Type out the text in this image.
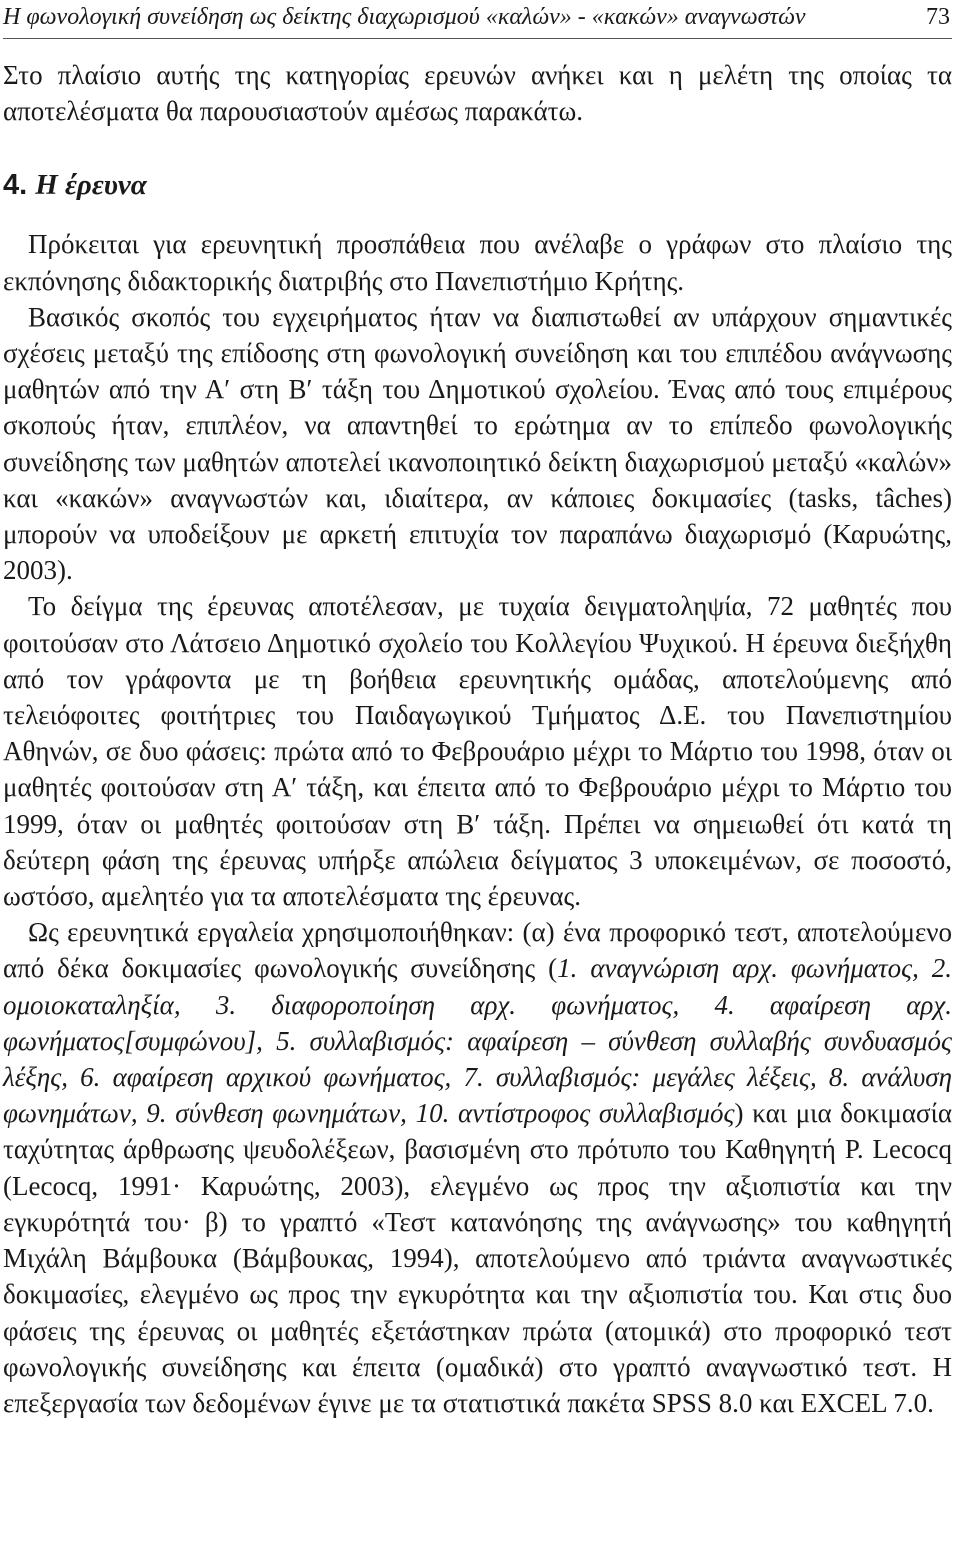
Η φωνολογική συνείδηση ως δείκτης διαχωρισμού «καλών» - «κακών» αναγνωστών	73

Στο πλαίσιο αυτής της κατηγορίας ερευνών ανήκει και η μελέτη της οποίας τα αποτελέσματα θα παρουσιαστούν αμέσως παρακάτω.

4. Η έρευνα

Πρόκειται για ερευνητική προσπάθεια που ανέλαβε ο γράφων στο πλαίσιο της εκπόνησης διδακτορικής διατριβής στο Πανεπιστήμιο Κρήτης.

Βασικός σκοπός του εγχειρήματος ήταν να διαπιστωθεί αν υπάρχουν σημαντικές σχέσεις μεταξύ της επίδοσης στη φωνολογική συνείδηση και του επιπέδου ανάγνωσης μαθητών από την Α′ στη Β′ τάξη του Δημοτικού σχολείου. Ένας από τους επιμέρους σκοπούς ήταν, επιπλέον, να απαντηθεί το ερώτημα αν το επίπεδο φωνολογικής συνείδησης των μαθητών αποτελεί ικανοποιητικό δείκτη διαχωρισμού μεταξύ «καλών» και «κακών» αναγνωστών και, ιδιαίτερα, αν κάποιες δοκιμασίες (tasks, tâches) μπορούν να υποδείξουν με αρκετή επιτυχία τον παραπάνω διαχωρισμό (Καρυώτης, 2003).

Το δείγμα της έρευνας αποτέλεσαν, με τυχαία δειγματοληψία, 72 μαθητές που φοιτούσαν στο Λάτσειο Δημοτικό σχολείο του Κολλεγίου Ψυχικού. Η έρευνα διεξήχθη από τον γράφοντα με τη βοήθεια ερευνητικής ομάδας, αποτελούμενης από τελειόφοιτες φοιτήτριες του Παιδαγωγικού Τμήματος Δ.Ε. του Πανεπιστημίου Αθηνών, σε δυο φάσεις: πρώτα από το Φεβρουάριο μέχρι το Μάρτιο του 1998, όταν οι μαθητές φοιτούσαν στη Α′ τάξη, και έπειτα από το Φεβρουάριο μέχρι το Μάρτιο του 1999, όταν οι μαθητές φοιτούσαν στη Β′ τάξη. Πρέπει να σημειωθεί ότι κατά τη δεύτερη φάση της έρευνας υπήρξε απώλεια δείγματος 3 υποκειμένων, σε ποσοστό, ωστόσο, αμελητέο για τα αποτελέσματα της έρευνας.

Ως ερευνητικά εργαλεία χρησιμοποιήθηκαν: (α) ένα προφορικό τεστ, αποτελούμενο από δέκα δοκιμασίες φωνολογικής συνείδησης (1. αναγνώριση αρχ. φωνήματος, 2. ομοιοκαταληξία, 3. διαφοροποίηση αρχ. φωνήματος, 4. αφαίρεση αρχ. φωνήματος[συμφώνου], 5. συλλαβισμός: αφαίρεση – σύνθεση συλλαβής συνδυασμός λέξης, 6. αφαίρεση αρχικού φωνήματος, 7. συλλαβισμός: μεγάλες λέξεις, 8. ανάλυση φωνημάτων, 9. σύνθεση φωνημάτων, 10. αντίστροφος συλλαβισμός) και μια δοκιμασία ταχύτητας άρθρωσης ψευδολέξεων, βασισμένη στο πρότυπο του Καθηγητή P. Lecocq (Lecocq, 1991· Καρυώτης, 2003), ελεγμένο ως προς την αξιοπιστία και την εγκυρότητά του· β) το γραπτό «Τεστ κατανόησης της ανάγνωσης» του καθηγητή Μιχάλη Βάμβουκα (Βάμβουκας, 1994), αποτελούμενο από τριάντα αναγνωστικές δοκιμασίες, ελεγμένο ως προς την εγκυρότητα και την αξιοπιστία του. Και στις δυο φάσεις της έρευνας οι μαθητές εξετάστηκαν πρώτα (ατομικά) στο προφορικό τεστ φωνολογικής συνείδησης και έπειτα (ομαδικά) στο γραπτό αναγνωστικό τεστ. Η επεξεργασία των δεδομένων έγινε με τα στατιστικά πακέτα SPSS 8.0 και EXCEL 7.0.
